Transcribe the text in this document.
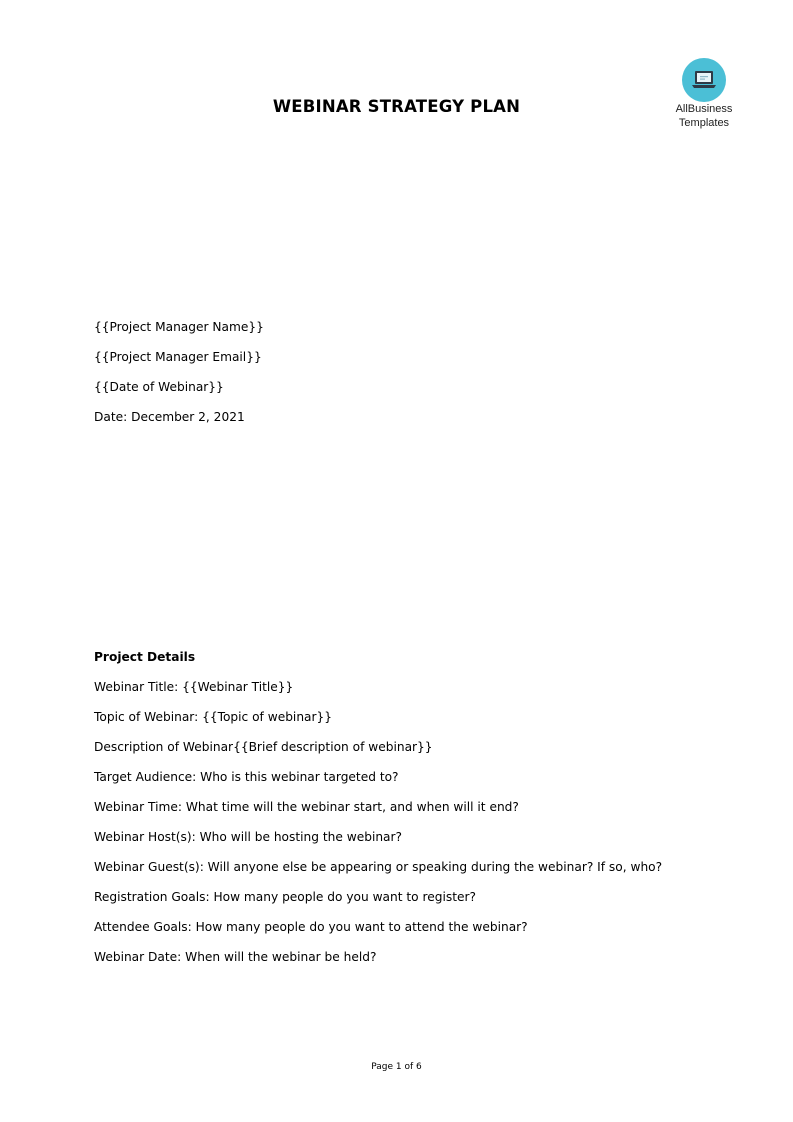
AllBusiness
Templates
WEBINAR STRATEGY PLAN
{{Project Manager Name}}
{{Project Manager Email}}
{{Date of Webinar}}
Date: December 2, 2021
Project Details
Webinar Title: {{Webinar Title}}
Topic of Webinar: {{Topic of webinar}}
Description of Webinar{{Brief description of webinar}}
Target Audience: Who is this webinar targeted to?
Webinar Time: What time will the webinar start, and when will it end?
Webinar Host(s): Who will be hosting the webinar?
Webinar Guest(s): Will anyone else be appearing or speaking during the webinar? If so, who?
Registration Goals: How many people do you want to register?
Attendee Goals: How many people do you want to attend the webinar?
Webinar Date: When will the webinar be held?
Page 1 of 6
